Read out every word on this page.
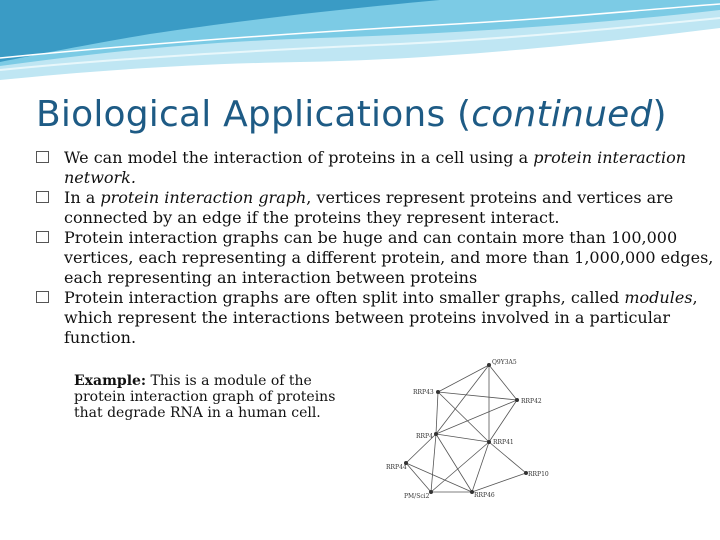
Biological Applications (continued)

We can model the interaction of proteins in a cell using a protein interaction network.

In a protein interaction graph, vertices represent proteins and vertices are connected by an edge if the proteins they represent interact.

Protein interaction graphs can be huge and can contain more than 100,000 vertices, each representing a different protein, and more than 1,000,000 edges, each representing an interaction between proteins

Protein interaction graphs are often split into smaller graphs, called modules, which represent the interactions between proteins involved in a particular function.

Example: This is a module of the protein interaction graph of proteins that degrade RNA in a human cell.
Q9Y3A5
RRP43
RRP42
RRP4
RRP41
RRP44
RRP10
PM/Sci2	RRP46
